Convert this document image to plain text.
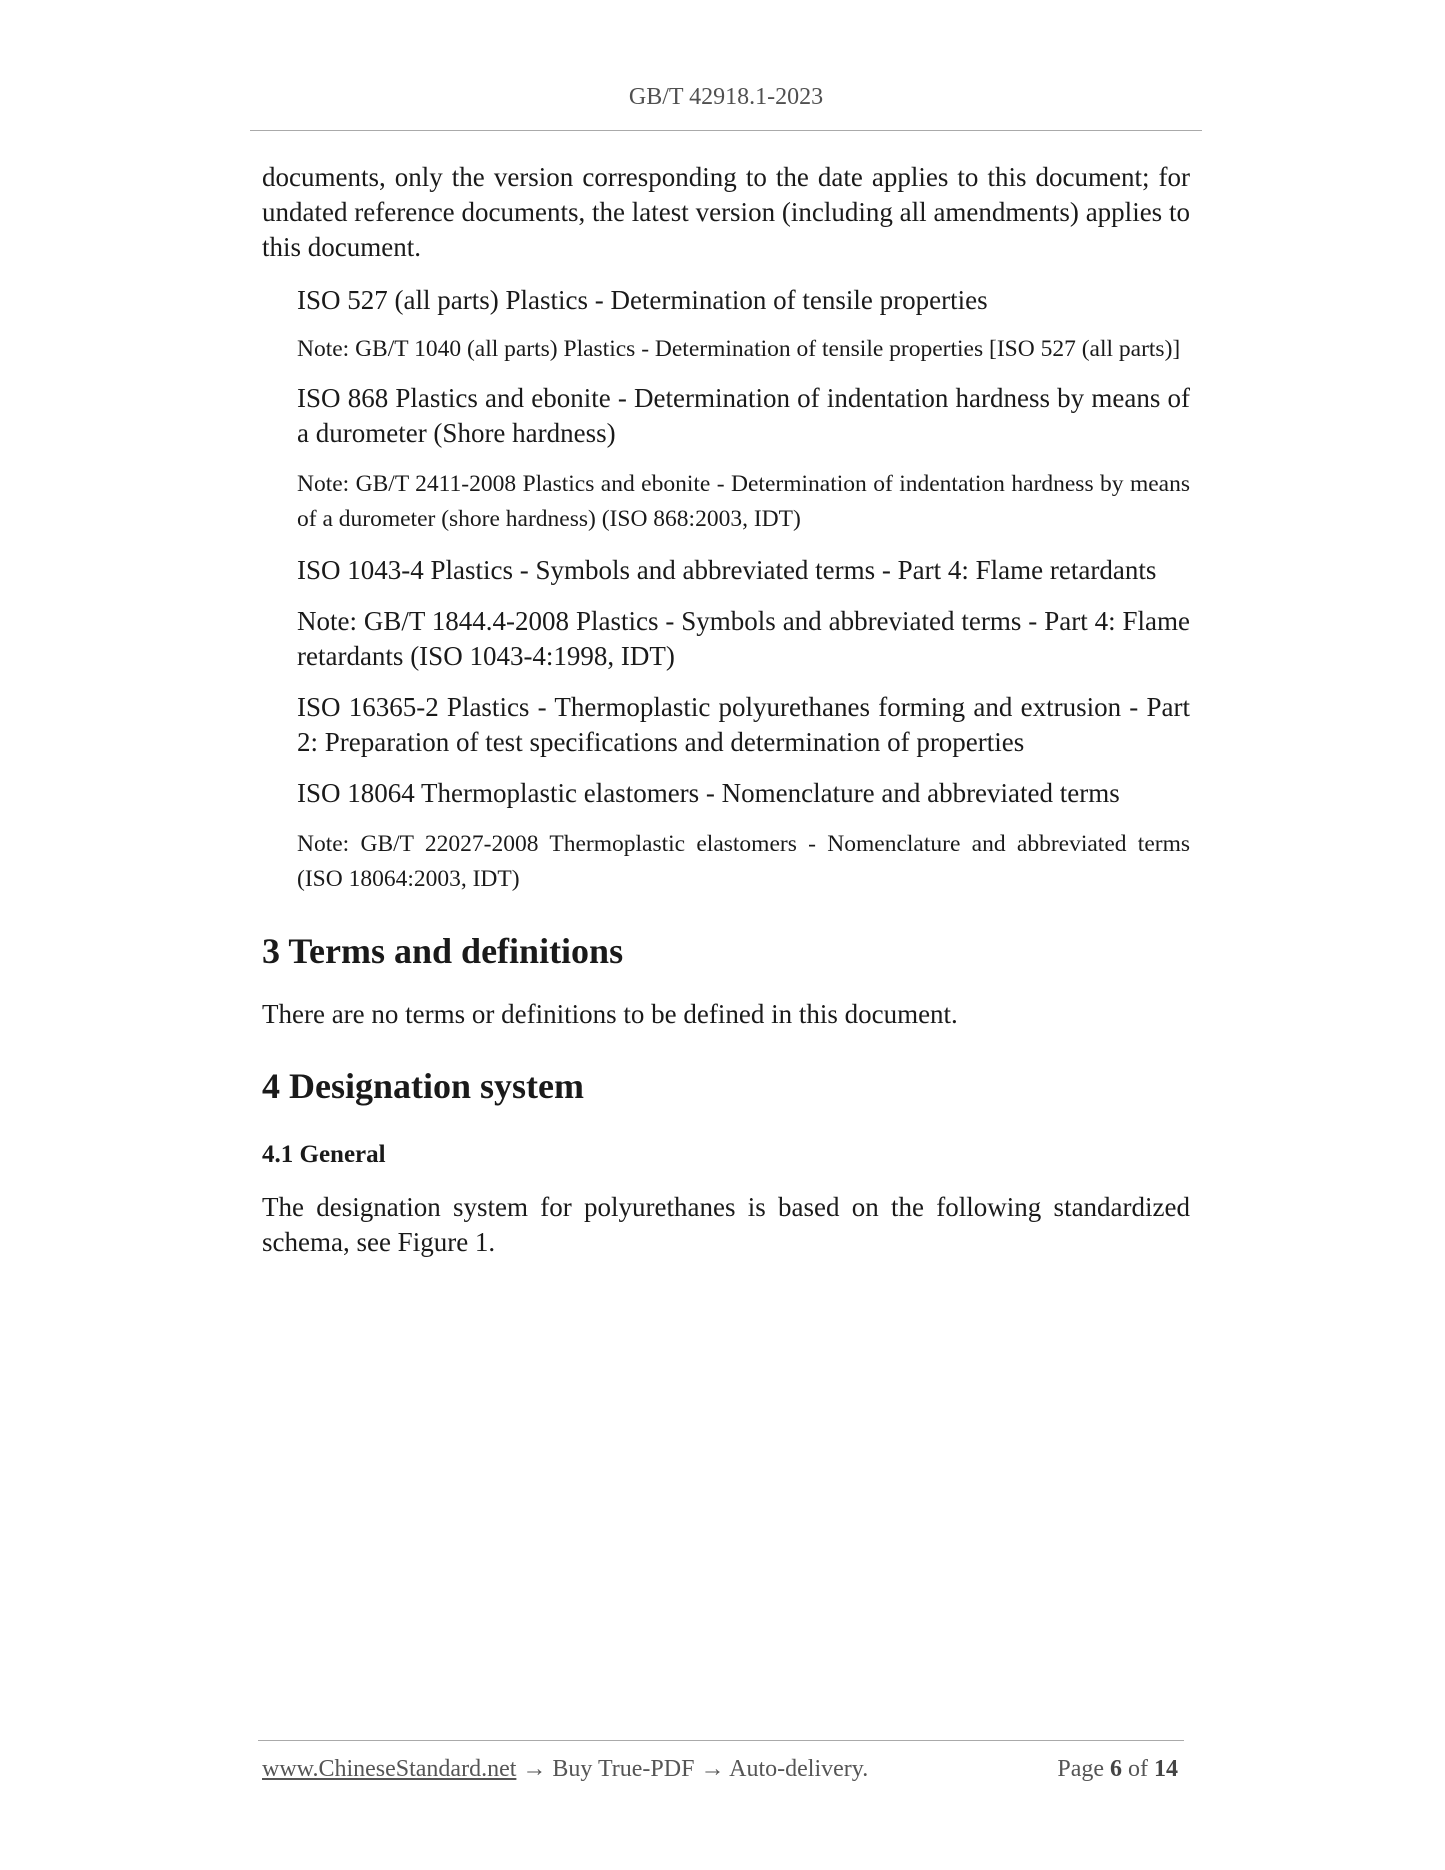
GB/T 42918.1-2023

documents, only the version corresponding to the date applies to this document; for undated reference documents, the latest version (including all amendments) applies to this document.

ISO 527 (all parts) Plastics - Determination of tensile properties

Note: GB/T 1040 (all parts) Plastics - Determination of tensile properties [ISO 527 (all parts)]

ISO 868 Plastics and ebonite - Determination of indentation hardness by means of a durometer (Shore hardness)

Note: GB/T 2411-2008 Plastics and ebonite - Determination of indentation hardness by means of a durometer (shore hardness) (ISO 868:2003, IDT)

ISO 1043-4 Plastics - Symbols and abbreviated terms - Part 4: Flame retardants

Note: GB/T 1844.4-2008 Plastics - Symbols and abbreviated terms - Part 4: Flame retardants (ISO 1043-4:1998, IDT)

ISO 16365-2 Plastics - Thermoplastic polyurethanes forming and extrusion - Part 2: Preparation of test specifications and determination of properties

ISO 18064 Thermoplastic elastomers - Nomenclature and abbreviated terms

Note: GB/T 22027-2008 Thermoplastic elastomers - Nomenclature and abbreviated terms (ISO 18064:2003, IDT)

3 Terms and definitions

There are no terms or definitions to be defined in this document.

4 Designation system
4.1 General

The designation system for polyurethanes is based on the following standardized schema, see Figure 1.

www.ChineseStandard.net → Buy True-PDF → Auto-delivery.	Page 6 of 14
